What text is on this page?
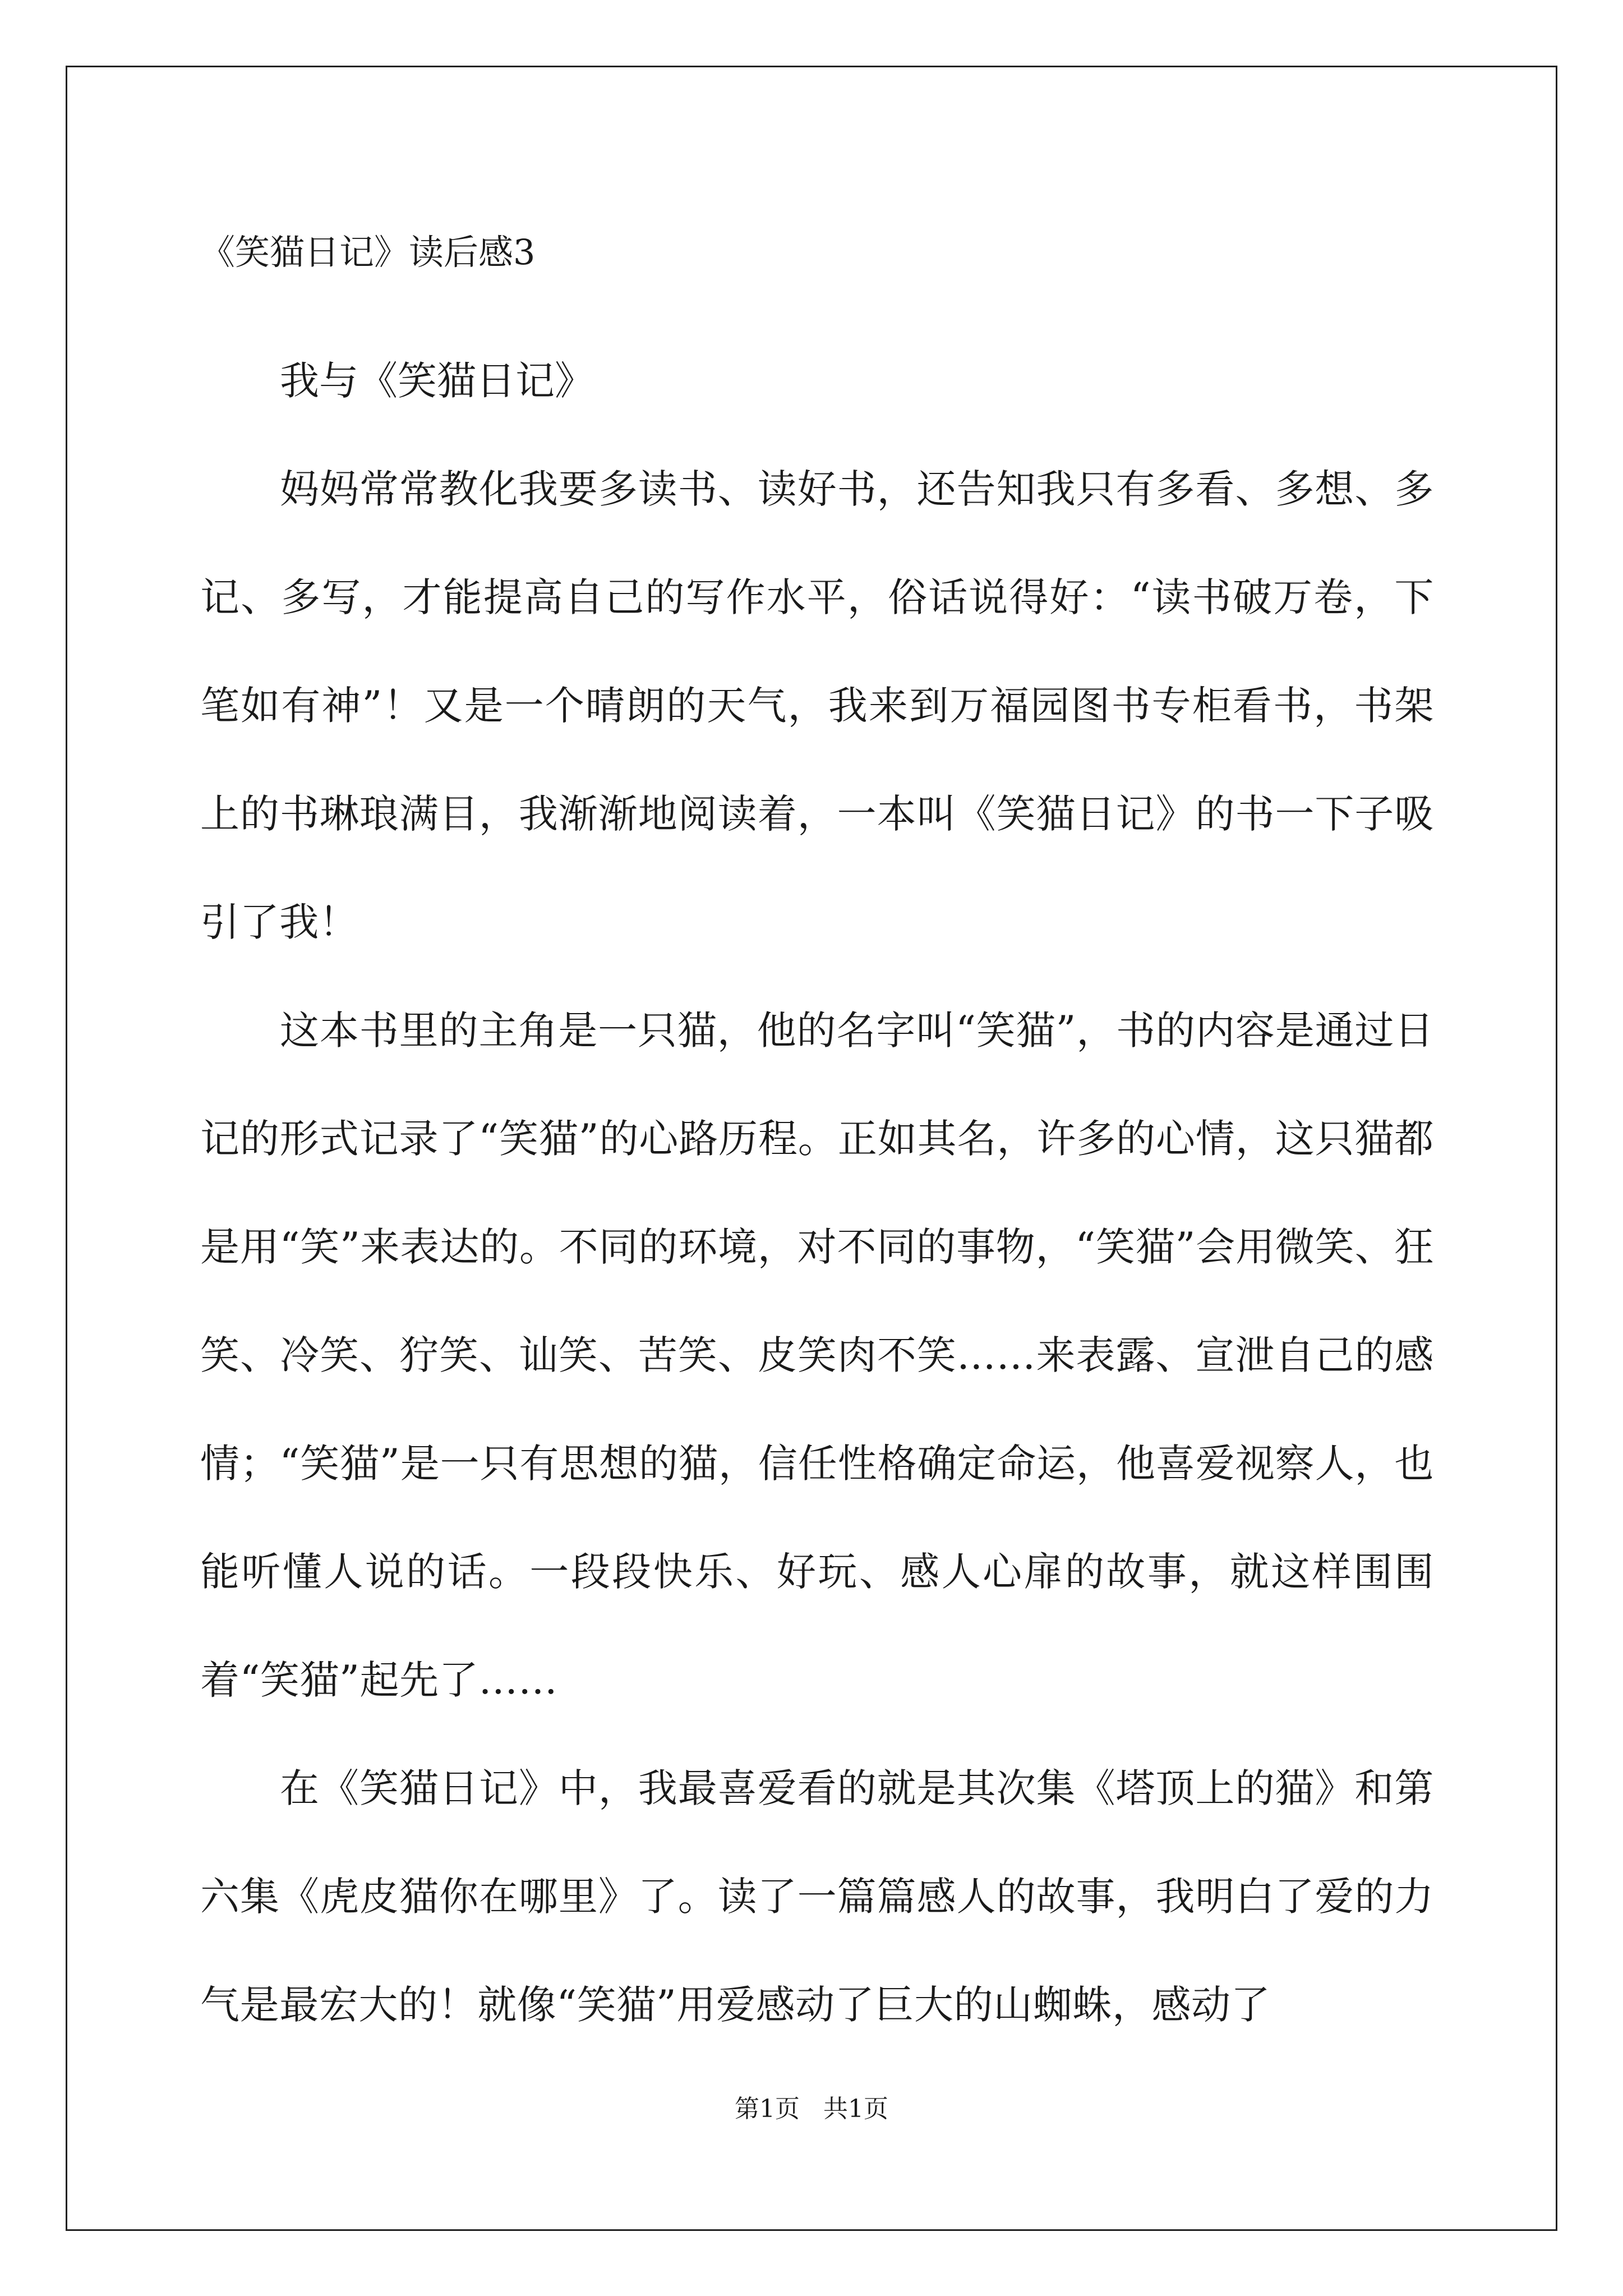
《笑猫日记》读后感3

我与《笑猫日记》

妈妈常常教化我要多读书、读好书，还告知我只有多看、多想、多记、多写，才能提高自己的写作水平，俗话说得好：“读书破万卷，下笔如有神”！又是一个晴朗的天气，我来到万福园图书专柜看书，书架上的书琳琅满目，我渐渐地阅读着，一本叫《笑猫日记》的书一下子吸引了我！

这本书里的主角是一只猫，他的名字叫“笑猫”，书的内容是通过日记的形式记录了“笑猫”的心路历程。正如其名，许多的心情，这只猫都是用“笑”来表达的。不同的环境，对不同的事物，“笑猫”会用微笑、狂笑、冷笑、狞笑、讪笑、苦笑、皮笑肉不笑……来表露、宣泄自己的感情；“笑猫”是一只有思想的猫，信任性格确定命运，他喜爱视察人，也能听懂人说的话。一段段快乐、好玩、感人心扉的故事，就这样围围着“笑猫”起先了……

在《笑猫日记》中，我最喜爱看的就是其次集《塔顶上的猫》和第六集《虎皮猫你在哪里》了。读了一篇篇感人的故事，我明白了爱的力气是最宏大的！就像“笑猫”用爱感动了巨大的山蜘蛛，感动了

第1页   共1页
